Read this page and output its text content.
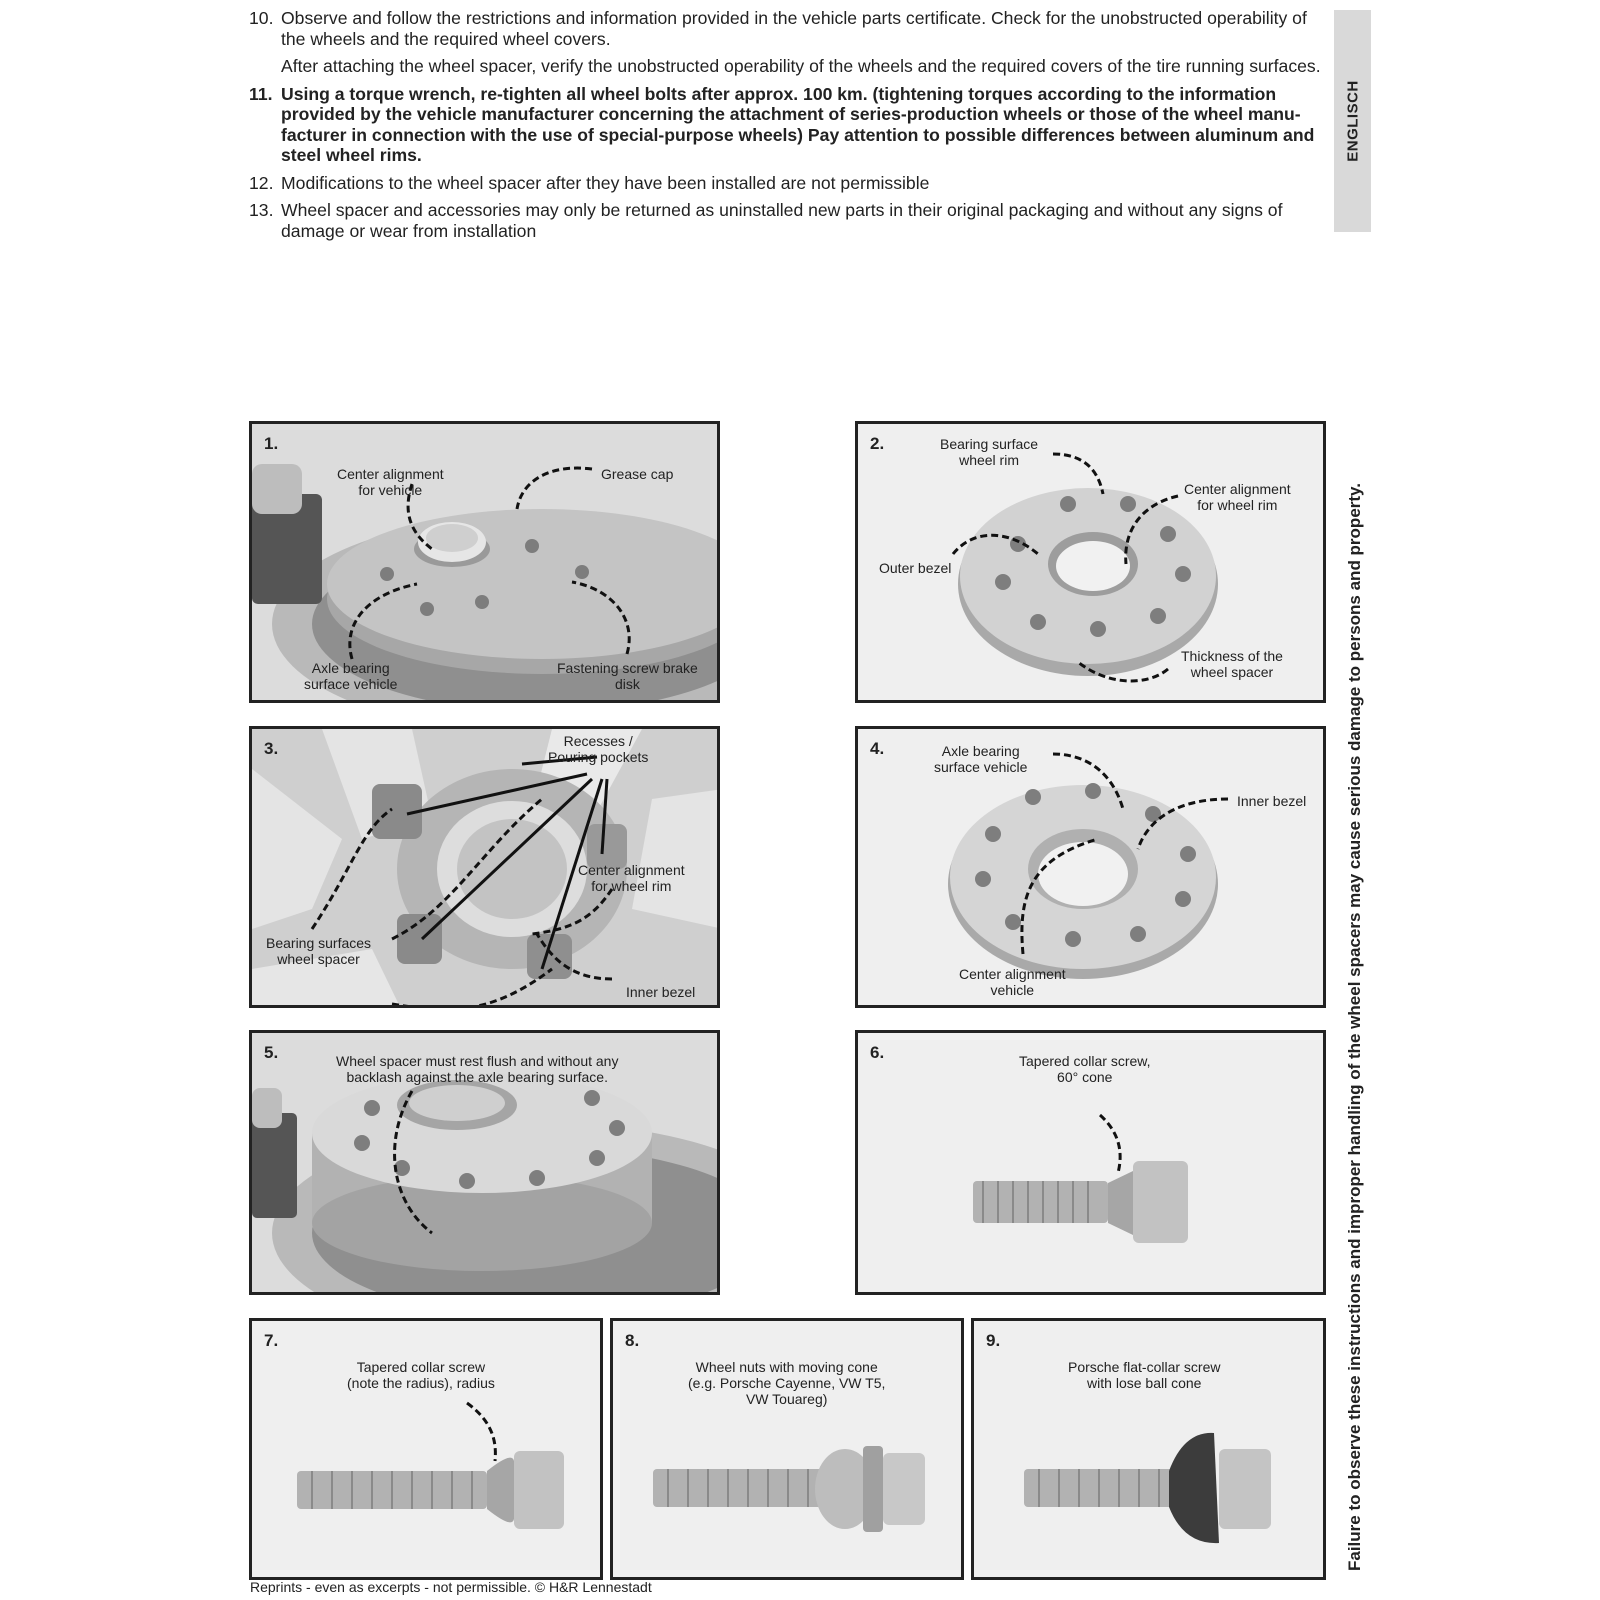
10. Observe and follow the restrictions and information provided in the vehicle parts certificate. Check for the unobstructed operability of the wheels and the required wheel covers.
After attaching the wheel spacer, verify the unobstructed operability of the wheels and the required covers of the tire running surfaces.
11. Using a torque wrench, re-tighten all wheel bolts after approx. 100 km. (tightening torques according to the information provided by the vehicle manufacturer concerning the attachment of series-production wheels or those of the wheel manu-facturer in connection with the use of special-purpose wheels) Pay attention to possible differences between aluminum and steel wheel rims.
12. Modifications to the wheel spacer after they have been installed are not permissible
13. Wheel spacer and accessories may only be returned as uninstalled new parts in their original packaging and without any signs of damage or wear from installation
ENGLISCH
Failure to observe these instructions and improper handling of the wheel spacers may cause serious damage to persons and property.
1.
Center alignment
for vehicle
Grease cap
Axle bearing
surface vehicle
Fastening screw brake
disk
2.	Bearing surface
wheel rim
Center alignment
for wheel rim
Outer bezel
Thickness of the
wheel spacer
3.	Recesses /
Pouring pockets
Center alignment
for wheel rim
Bearing surfaces
wheel spacer
Inner bezel
4.	Axle bearing
surface vehicle
Inner bezel
Center alignment
vehicle
5.	Wheel spacer must rest flush and without any
backlash against the axle bearing surface.
6.	Tapered collar screw,
60° cone
7.
Tapered collar screw
(note the radius), radius
8.
Wheel nuts with moving cone
(e.g. Porsche Cayenne, VW T5,
VW Touareg)
9.
Porsche flat-collar screw
with lose ball cone
Reprints - even as excerpts - not permissible. © H&R Lennestadt
